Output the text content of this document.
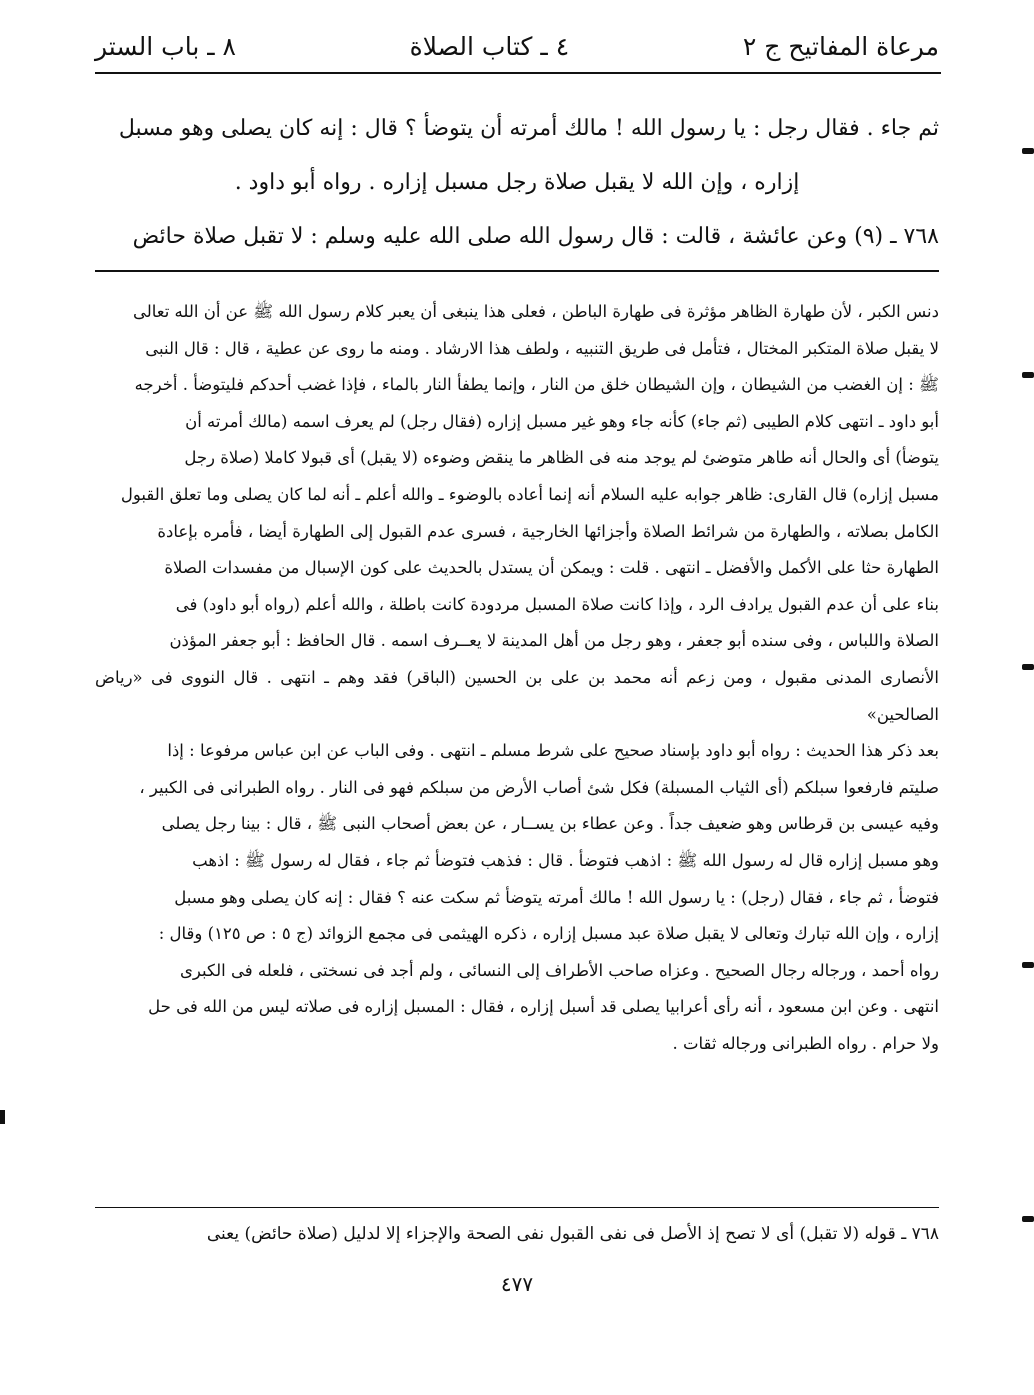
مرعاة المفاتيح ج ٢
٤ ـ كتاب الصلاة
٨ ـ باب الستر

ثم جاء . فقال رجل : يا رسول الله ! مالك أمرته أن يتوضأ ؟ قال : إنه كان يصلى وهو مسبل

إزاره ، وإن الله لا يقبل صلاة رجل مسبل إزاره . رواه أبو داود .

٧٦٨ ـ (٩) وعن عائشة ، قالت : قال رسول الله صلى الله عليه وسلم : لا تقبل صلاة حائض

دنس الكبر ، لأن طهارة الظاهر مؤثرة فى طهارة الباطن ، فعلى هذا ينبغى أن يعبر كلام رسول الله ﷺ عن أن الله تعالى

لا يقبل صلاة المتكبر المختال ، فتأمل فى طريق التنبيه ، ولطف هذا الارشاد . ومنه ما روى عن عطية ، قال : قال النبى

ﷺ : إن الغضب من الشيطان ، وإن الشيطان خلق من النار ، وإنما يطفأ النار بالماء ، فإذا غضب أحدكم فليتوضأ . أخرجه

أبو داود ـ انتهى كلام الطيبى (ثم جاء) كأنه جاء وهو غير مسبل إزاره (فقال رجل) لم يعرف اسمه (مالك أمرته أن

يتوضأ) أى والحال أنه طاهر متوضئ لم يوجد منه فى الظاهر ما ينقض وضوءه (لا يقبل) أى قبولا كاملا (صلاة رجل

مسبل إزاره) قال القارى: ظاهر جوابه عليه السلام أنه إنما أعاده بالوضوء ـ والله أعلم ـ أنه لما كان يصلى وما تعلق القبول

الكامل بصلاته ، والطهارة من شرائط الصلاة وأجزائها الخارجية ، فسرى عدم القبول إلى الطهارة أيضا ، فأمره بإعادة

الطهارة حثا على الأكمل والأفضل ـ انتهى . قلت : ويمكن أن يستدل بالحديث على كون الإسبال من مفسدات الصلاة

بناء على أن عدم القبول يرادف الرد ، وإذا كانت صلاة المسبل مردودة كانت باطلة ، والله أعلم (رواه أبو داود) فى

الصلاة واللباس ، وفى سنده أبو جعفر ، وهو رجل من أهل المدينة لا يعــرف اسمه . قال الحافظ : أبو جعفر المؤذن

الأنصارى المدنى مقبول ، ومن زعم أنه محمد بن على بن الحسين (الباقر) فقد وهم ـ انتهى . قال النووى فى «رياض الصالحين»

بعد ذكر هذا الحديث : رواه أبو داود بإسناد صحيح على شرط مسلم ـ انتهى . وفى الباب عن ابن عباس مرفوعا : إذا

صليتم فارفعوا سبلكم (أى الثياب المسبلة) فكل شئ أصاب الأرض من سبلكم فهو فى النار . رواه الطبرانى فى الكبير ،

وفيه عيسى بن قرطاس وهو ضعيف جداً . وعن عطاء بن يســار ، عن بعض أصحاب النبى ﷺ ، قال : بينا رجل يصلى

وهو مسبل إزاره قال له رسول الله ﷺ : اذهب فتوضأ . قال : فذهب فتوضأ ثم جاء ، فقال له رسول ﷺ : اذهب

فتوضأ ، ثم جاء ، فقال (رجل) : يا رسول الله ! مالك أمرته يتوضأ ثم سكت عنه ؟ فقال : إنه كان يصلى وهو مسبل

إزاره ، وإن الله تبارك وتعالى لا يقبل صلاة عبد مسبل إزاره ، ذكره الهيثمى فى مجمع الزوائد (ج ٥ : ص ١٢٥) وقال :

رواه أحمد ، ورجاله رجال الصحيح . وعزاه صاحب الأطراف إلى النسائى ، ولم أجد فى نسختى ، فلعله فى الكبرى

انتهى . وعن ابن مسعود ، أنه رأى أعرابيا يصلى قد أسبل إزاره ، فقال : المسبل إزاره فى صلاته ليس من الله فى حل

ولا حرام . رواه الطبرانى ورجاله ثقات .

٧٦٨ ـ قوله (لا تقبل) أى لا تصح إذ الأصل فى نفى القبول نفى الصحة والإجزاء إلا لدليل (صلاة حائض) يعنى
٤٧٧
